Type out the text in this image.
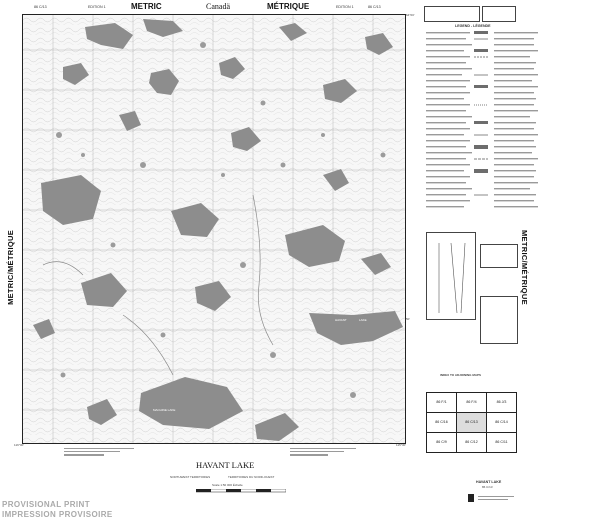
86 C/13	EDITION 1	METRIC	Canadä	MÉTRIQUE	EDITION 1	86 C/13
METRIC/MÉTRIQUE	METRIC/MÉTRIQUE
HAVANT	LAKE
MACHINE LAKE
64°00'
116°00'	115°30'
50'
LEGEND - LÉGENDE
INDEX TO ADJOINING MAPS
86 F/1	86 F/4	86 J/3
86 C/16	86 C/13	86 C/14
86 C/9	86 C/12	86 C/11
HAVANT LAKE
86 C/13
HAVANT LAKE
NORTHWEST TERRITORIES	TERRITOIRES DU NORD-OUEST
Scale 1:50 000 Échelle
PROVISIONAL PRINT
IMPRESSION PROVISOIRE
